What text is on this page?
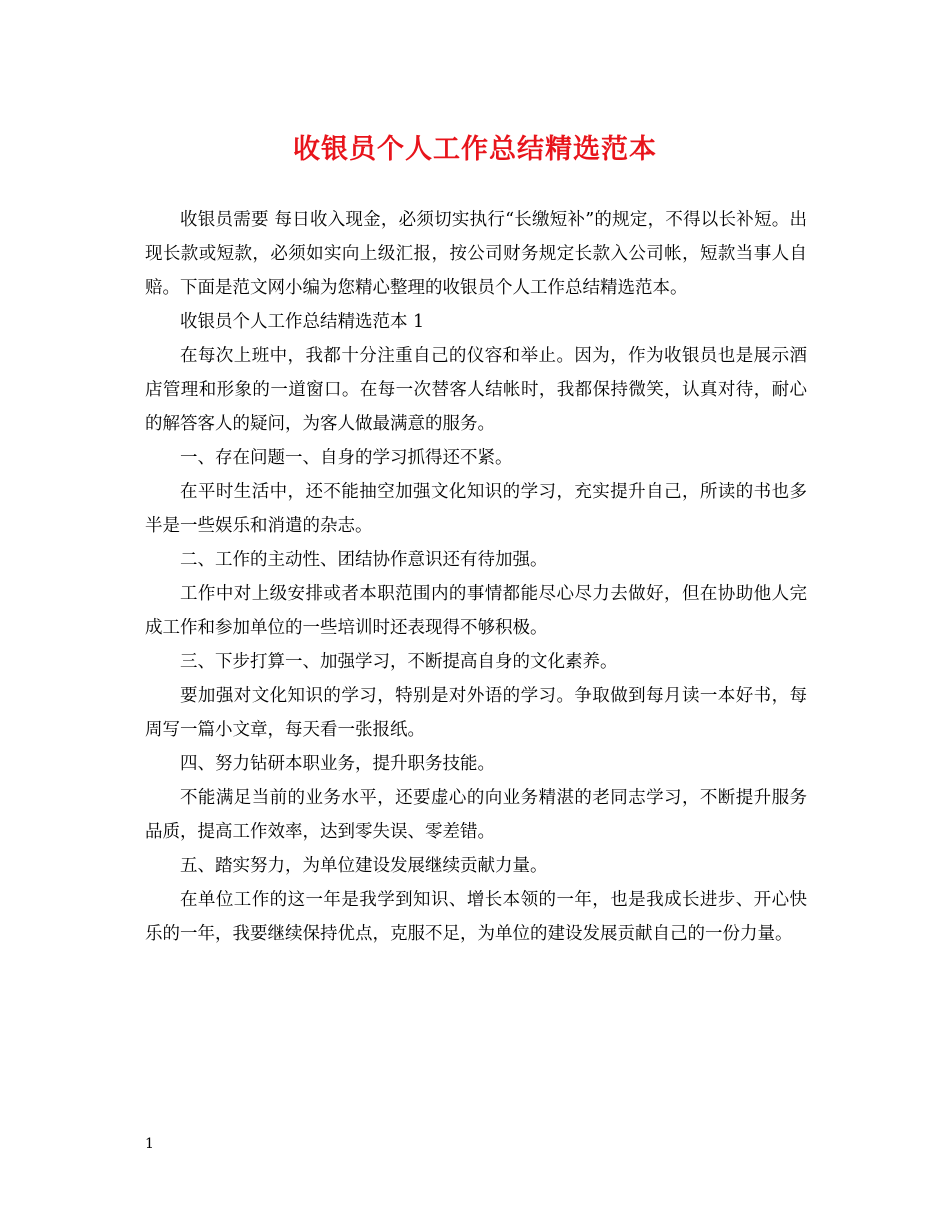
收银员个人工作总结精选范本

收银员需要 每日收入现金，必须切实执行“长缴短补”的规定，不得以长补短。出现长款或短款，必须如实向上级汇报，按公司财务规定长款入公司帐，短款当事人自赔。下面是范文网小编为您精心整理的收银员个人工作总结精选范本。

收银员个人工作总结精选范本 1

在每次上班中，我都十分注重自己的仪容和举止。因为，作为收银员也是展示酒店管理和形象的一道窗口。在每一次替客人结帐时，我都保持微笑，认真对待，耐心的解答客人的疑问，为客人做最满意的服务。

一、存在问题一、自身的学习抓得还不紧。

在平时生活中，还不能抽空加强文化知识的学习，充实提升自己，所读的书也多半是一些娱乐和消遣的杂志。

二、工作的主动性、团结协作意识还有待加强。

工作中对上级安排或者本职范围内的事情都能尽心尽力去做好，但在协助他人完成工作和参加单位的一些培训时还表现得不够积极。

三、下步打算一、加强学习，不断提高自身的文化素养。

要加强对文化知识的学习，特别是对外语的学习。争取做到每月读一本好书，每周写一篇小文章，每天看一张报纸。

四、努力钻研本职业务，提升职务技能。

不能满足当前的业务水平，还要虚心的向业务精湛的老同志学习，不断提升服务品质，提高工作效率，达到零失误、零差错。

五、踏实努力，为单位建设发展继续贡献力量。

在单位工作的这一年是我学到知识、增长本领的一年，也是我成长进步、开心快乐的一年，我要继续保持优点，克服不足，为单位的建设发展贡献自己的一份力量。

1
